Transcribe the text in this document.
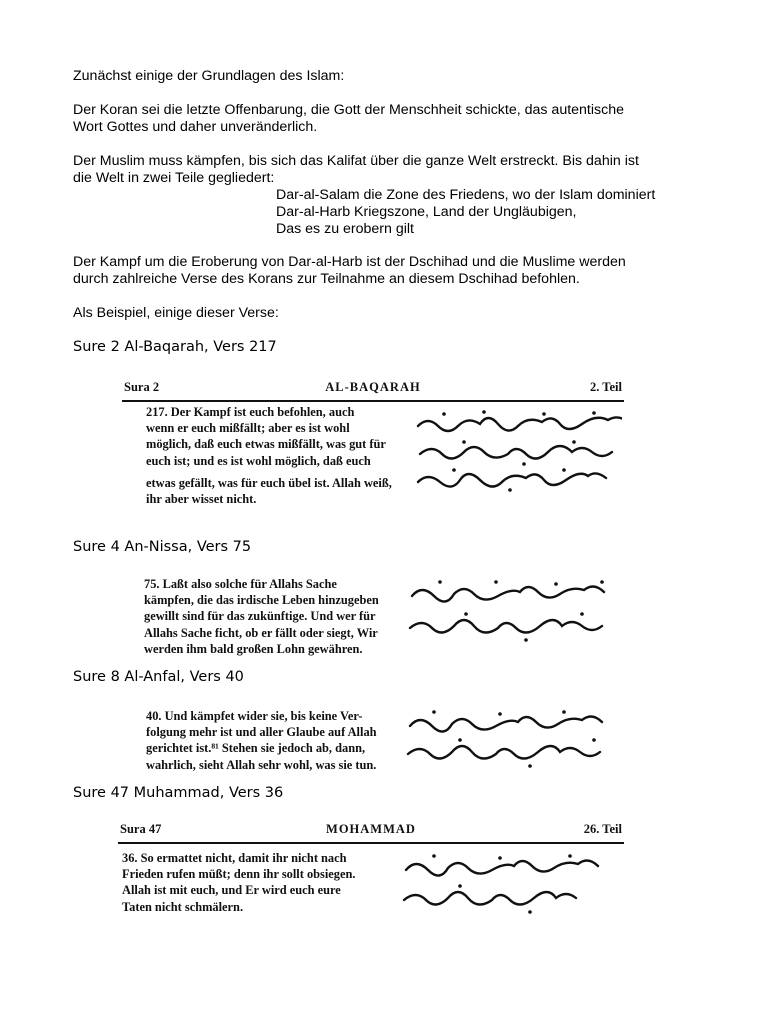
Zunächst einige der Grundlagen des Islam:

Der Koran sei die letzte Offenbarung, die Gott der Menschheit schickte, das autentische

Wort Gottes und daher unveränderlich.

Der Muslim muss kämpfen, bis sich das Kalifat über die ganze Welt erstreckt. Bis dahin ist

die Welt in zwei Teile gegliedert:

Dar-al-Salam die Zone des Friedens, wo der Islam dominiert

Dar-al-Harb Kriegszone, Land der Ungläubigen,

Das es zu erobern gilt

Der Kampf um die Eroberung von Dar-al-Harb ist der Dschihad und die Muslime werden

durch zahlreiche Verse des Korans zur Teilnahme an diesem Dschihad befohlen.

Als Beispiel, einige dieser Verse:

Sure 2 Al-Baqarah, Vers 217

Sura 2	AL-BAQARAH	2. Teil
217. Der Kampf ist euch befohlen, auch
wenn er euch mißfällt; aber es ist wohl
möglich, daß euch etwas mißfällt, was gut für
euch ist; und es ist wohl möglich, daß euch
etwas gefällt, was für euch übel ist. Allah weiß,
ihr aber wisset nicht.

Sure 4 An-Nissa, Vers 75

75. Laßt also solche für Allahs Sache
kämpfen, die das irdische Leben hinzugeben
gewillt sind für das zukünftige. Und wer für
Allahs Sache ficht, ob er fällt oder siegt, Wir
werden ihm bald großen Lohn gewähren.

Sure 8 Al-Anfal, Vers 40

40. Und kämpfet wider sie, bis keine Ver-
folgung mehr ist und aller Glaube auf Allah
gerichtet ist.⁸¹ Stehen sie jedoch ab, dann,
wahrlich, sieht Allah sehr wohl, was sie tun.

Sure 47 Muhammad, Vers 36

Sura 47	MOHAMMAD	26. Teil
36. So ermattet nicht, damit ihr nicht nach
Frieden rufen müßt; denn ihr sollt obsiegen.
Allah ist mit euch, und Er wird euch eure
Taten nicht schmälern.
